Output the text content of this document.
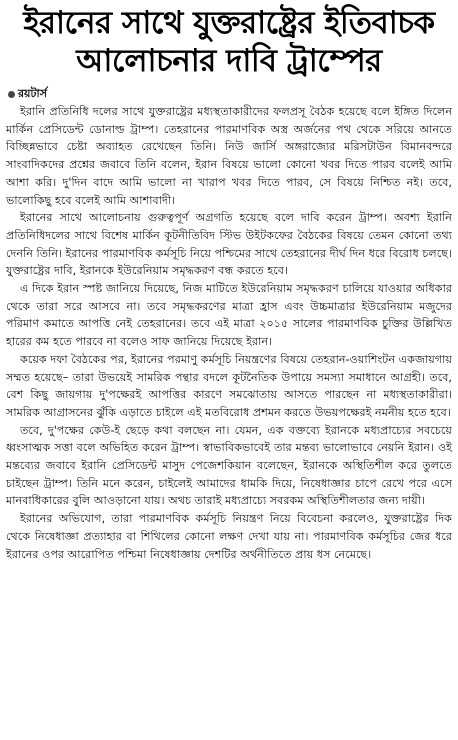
ইরানের সাথে যুক্তরাষ্ট্রের ইতিবাচক
আলোচনার দাবি ট্রাম্পের
রয়টার্স

ইরানি প্রতিনিধি দলের সাথে যুক্তরাষ্ট্রের মধ্যস্থতাকারীদের ফলপ্রসূ বৈঠক হয়েছে বলে ইঙ্গিত দিলেন মার্কিন প্রেসিডেন্ট ডোনাল্ড ট্রাম্প। তেহরানের পারমাণবিক অস্ত্র অর্জনের পথ থেকে সরিয়ে আনতে বিচ্ছিন্নভাবে চেষ্টা অব্যাহত রেখেছেন তিনি। নিউ জার্সি অঙ্গরাজ্যের মরিসটাউন বিমানবন্দরে সাংবাদিকদের প্রশ্নের জবাবে তিনি বলেন, ইরান বিষয়ে ভালো কোনো খবর দিতে পারব বলেই আমি আশা করি। দু'দিন বাদে আমি ভালো না খারাপ খবর দিতে পারব, সে বিষয়ে নিশ্চিত নই। তবে, ভালোকিছু হবে বলেই আমি আশাবাদী।

ইরানের সাথে আলোচনায় গুরুত্বপূর্ণ অগ্রগতি হয়েছে বলে দাবি করেন ট্রাম্প। অবশ্য ইরানি প্রতিনিধিদলের সাথে বিশেষ মার্কিন কূটনীতিবিদ স্টিভ উইটকফের বৈঠকের বিষয়ে তেমন কোনো তথ্য দেননি তিনি। ইরানের পারমাণবিক কর্মসূচি নিয়ে পশ্চিমের সাথে তেহরানের দীর্ঘ দিন ধরে বিরোধ চলছে। যুক্তরাষ্ট্রের দাবি, ইরানকে ইউরেনিয়াম সমৃদ্ধকরণ বন্ধ করতে হবে।

এ দিকে ইরান স্পষ্ট জানিয়ে দিয়েছে, নিজ মাটিতে ইউরেনিয়াম সমৃদ্ধকরণ চালিয়ে যাওয়ার অধিকার থেকে তারা সরে আসবে না। তবে সমৃদ্ধকরণের মাত্রা হ্রাস এবং উচ্চমাত্রার ইউরেনিয়াম মজুদের পরিমাণ কমাতে আপত্তি নেই তেহরানের। তবে এই মাত্রা ২০১৫ সালের পারমাণবিক চুক্তির উল্লিখিত হারের কম হতে পারবে না বলেও সাফ জানিয়ে দিয়েছে ইরান।

কয়েক দফা বৈঠকের পর, ইরানের পরমাণু কর্মসূচি নিয়ন্ত্রণের বিষয়ে তেহরান-ওয়াশিংটন একজায়গায় সম্মত হয়েছে– তারা উভয়েই সামরিক পন্থার বদলে কূটনৈতিক উপায়ে সমস্যা সমাধানে আগ্রহী। তবে, বেশ কিছু জায়গায় দু'পক্ষেরই আপত্তির কারণে সমঝোতায় আসতে পারছেন না মধ্যস্থতাকারীরা। সামরিক আগ্রাসনের ঝুঁকি এড়াতে চাইলে এই মতবিরোধ প্রশমন করতে উভয়পক্ষেরই নমনীয় হতে হবে।

তবে, দু'পক্ষের কেউ-ই ছেড়ে কথা বলছেন না। যেমন, এক বক্তব্যে ইরানকে মধ্যপ্রাচ্যের সবচেয়ে ধ্বংসাত্মক সত্তা বলে অভিহিত করেন ট্রাম্প। স্বাভাবিকভাবেই তার মন্তব্য ভালোভাবে নেয়নি ইরান। ওই মন্তব্যের জবাবে ইরানি প্রেসিডেন্ট মাসুদ পেজেশকিয়ান বলেছেন, ইরানকে অস্থিতিশীল করে তুলতে চাইছেন ট্রাম্প। তিনি মনে করেন, চাইলেই আমাদের ধামকি দিয়ে, নিষেধাজ্ঞার চাপে রেখে পরে এসে মানবাধিকারের বুলি আওড়ানো যায়। অথচ তারাই মধ্যপ্রাচ্যে সবরকম অস্থিতিশীলতার জন্য দায়ী।

ইরানের অভিযোগ, তারা পারমাণবিক কর্মসূচি নিয়ন্ত্রণ নিয়ে বিবেচনা করলেও, যুক্তরাষ্ট্রের দিক থেকে নিষেধাজ্ঞা প্রত্যাহার বা শিথিলের কোনো লক্ষণ দেখা যায় না। পারমাণবিক কর্মসূচির জের ধরে ইরানের ওপর আরোপিত পশ্চিমা নিষেধাজ্ঞায় দেশটির অর্থনীতিতে প্রায় ধস নেমেছে।
